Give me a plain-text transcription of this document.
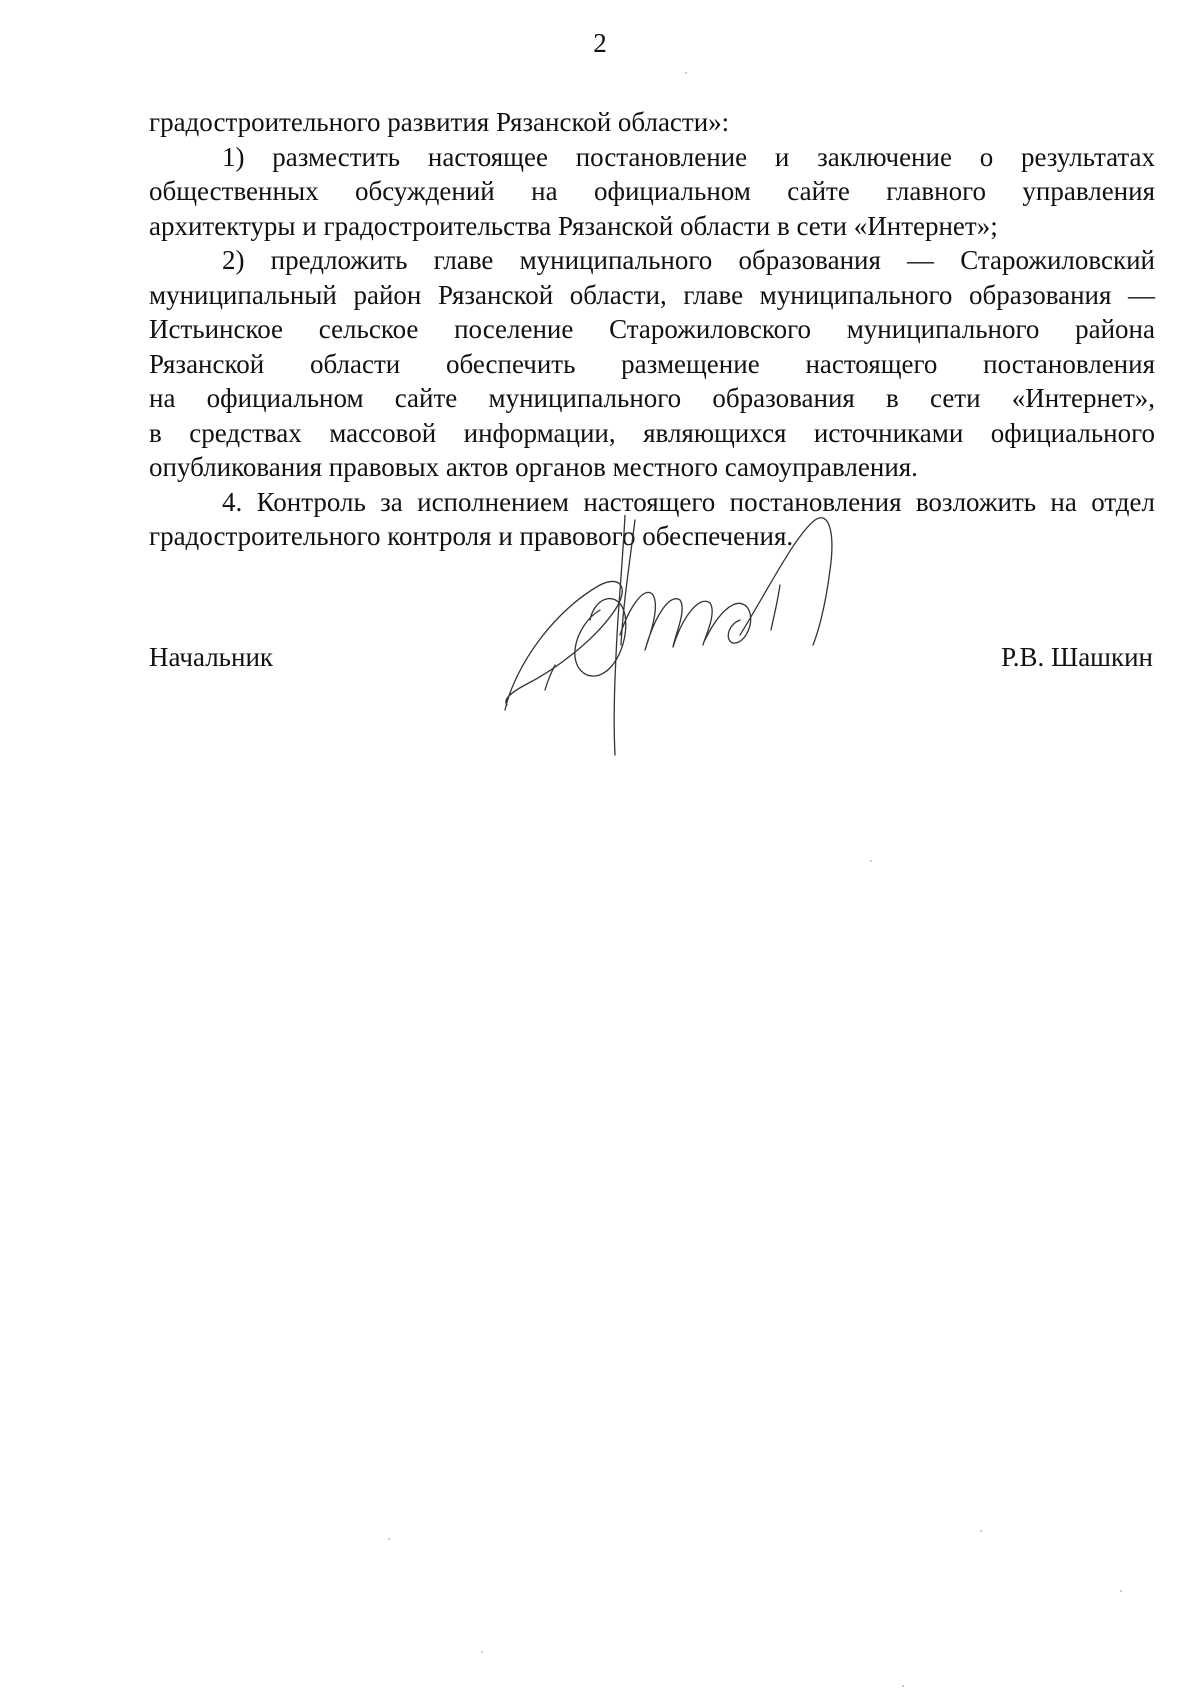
2

градостроительного развития Рязанской области»:

1) разместить настоящее постановление и заключение о результатах
общественных обсуждений на официальном сайте главного управления
архитектуры и градостроительства Рязанской области в сети «Интернет»;

2) предложить главе муниципального образования — Старожиловский
муниципальный район Рязанской области, главе муниципального образования —
Истьинское сельское поселение Старожиловского муниципального района
Рязанской области обеспечить размещение настоящего постановления
на официальном сайте муниципального образования в сети «Интернет»,
в средствах массовой информации, являющихся источниками официального
опубликования правовых актов органов местного самоуправления.

4. Контроль за исполнением настоящего постановления возложить на отдел
градостроительного контроля и правового обеспечения.

Начальник	Р.В. Шашкин
